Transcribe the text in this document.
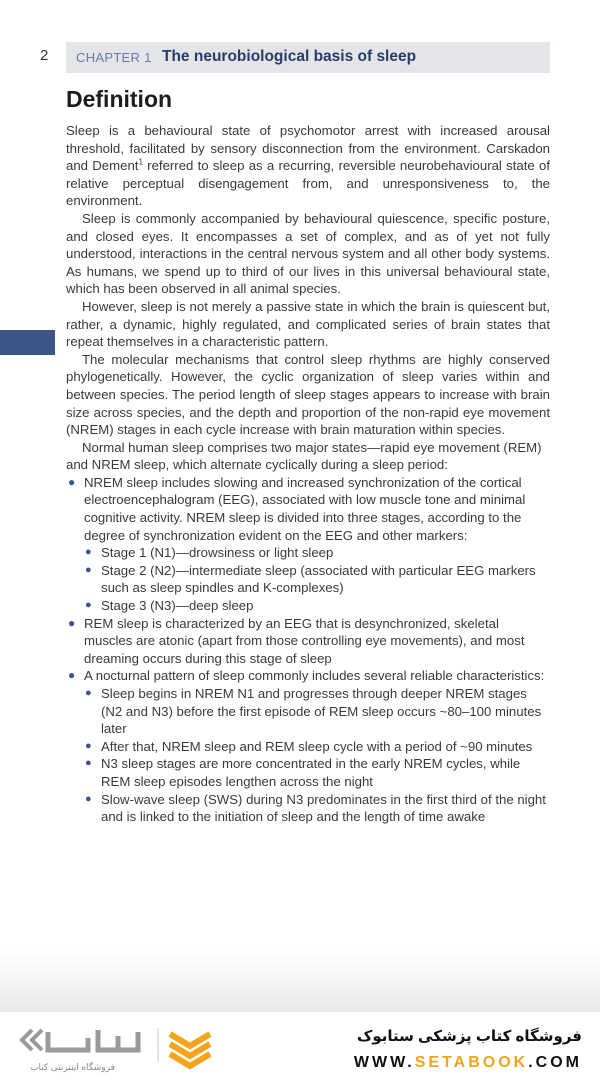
2 CHAPTER 1 The neurobiological basis of sleep
Definition

Sleep is a behavioural state of psychomotor arrest with increased arousal threshold, facilitated by sensory disconnection from the environment. Carskadon and Dement$^1$ referred to sleep as a recurring, reversible neurobehavioural state of relative perceptual disengagement from, and unresponsiveness to, the environment.

Sleep is commonly accompanied by behavioural quiescence, specific posture, and closed eyes. It encompasses a set of complex, and as of yet not fully understood, interactions in the central nervous system and all other body systems. As humans, we spend up to third of our lives in this universal behavioural state, which has been observed in all animal species.

However, sleep is not merely a passive state in which the brain is quiescent but, rather, a dynamic, highly regulated, and complicated series of brain states that repeat themselves in a characteristic pattern.

The molecular mechanisms that control sleep rhythms are highly conserved phylogenetically. However, the cyclic organization of sleep varies within and between species. The period length of sleep stages appears to increase with brain size across species, and the depth and proportion of the non-rapid eye movement (NREM) stages in each cycle increase with brain maturation within species.

Normal human sleep comprises two major states—rapid eye movement (REM) and NREM sleep, which alternate cyclically during a sleep period:

● NREM sleep includes slowing and increased synchronization of the cortical electroencephalogram (EEG), associated with low muscle tone and minimal cognitive activity. NREM sleep is divided into three stages, according to the degree of synchronization evident on the EEG and other markers:
● Stage 1 (N1)—drowsiness or light sleep
● Stage 2 (N2)—intermediate sleep (associated with particular EEG markers such as sleep spindles and K-complexes)
● Stage 3 (N3)—deep sleep
● REM sleep is characterized by an EEG that is desynchronized, skeletal muscles are atonic (apart from those controlling eye movements), and most dreaming occurs during this stage of sleep
● A nocturnal pattern of sleep commonly includes several reliable characteristics:
● Sleep begins in NREM N1 and progresses through deeper NREM stages (N2 and N3) before the first episode of REM sleep occurs ~80–100 minutes later
● After that, NREM sleep and REM sleep cycle with a period of ~90 minutes
● N3 sleep stages are more concentrated in the early NREM cycles, while REM sleep episodes lengthen across the night
● Slow-wave sleep (SWS) during N3 predominates in the first third of the night and is linked to the initiation of sleep and the length of time awake
فروشگاه اینترنتی کتاب
فروشگاه کتاب پزشکی ستابوک
WWW.SETABOOK.COM
